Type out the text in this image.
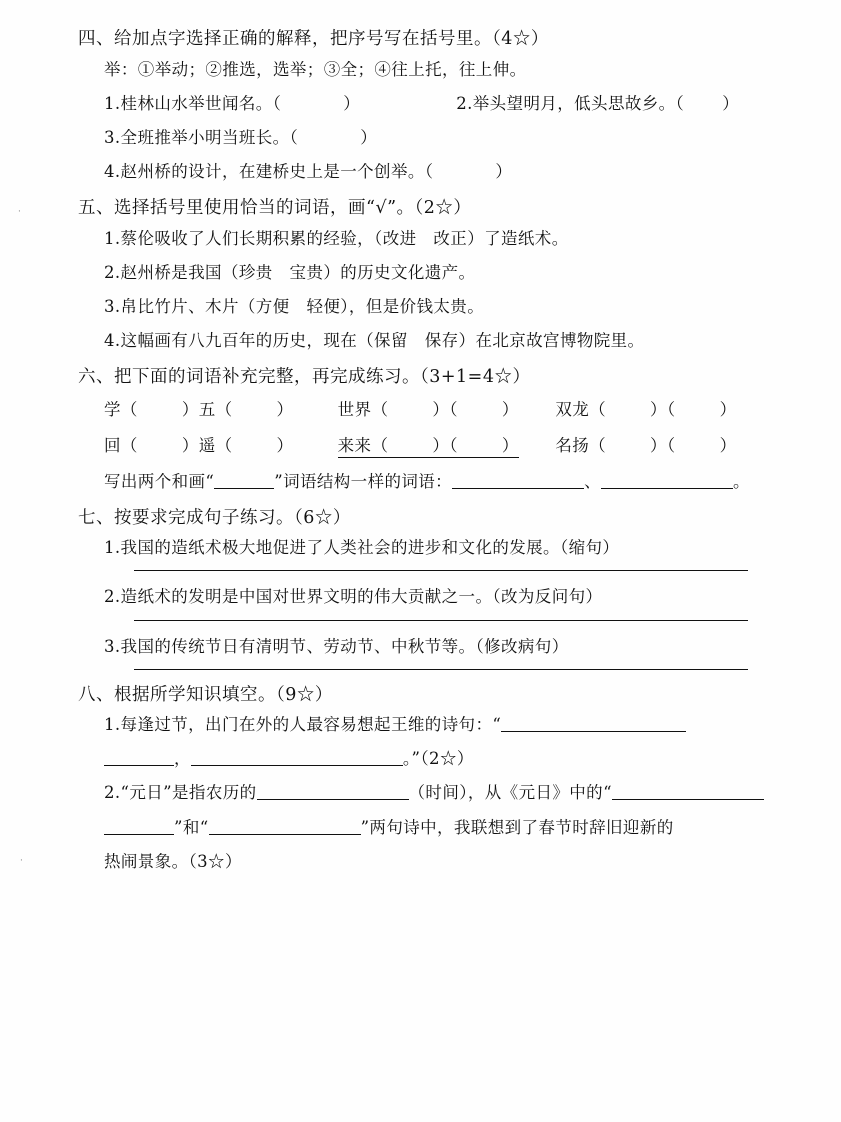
·
·

四、给加点字选择正确的解释，把序号写在括号里。（4☆）

举：①举动；②推选，选举；③全；④往上托，往上伸。

1.桂林山水举世闻名。（	）	2.举头望明月，低头思故乡。（ ）

3.全班推举小明当班长。（	）

4.赵州桥的设计，在建桥史上是一个创举。（	）

五、选择括号里使用恰当的词语，画“√”。（2☆）

1.蔡伦吸收了人们长期积累的经验，（改进　改正）了造纸术。

2.赵州桥是我国（珍贵　宝贵）的历史文化遗产。

3.帛比竹片、木片（方便　轻便），但是价钱太贵。

4.这幅画有八九百年的历史，现在（保留　保存）在北京故宫博物院里。

六、把下面的词语补充完整，再完成练习。（3+1=4☆）

学（	）五（	）	世界（	）（	） 双龙（	）（	）
回（	）遥（	）	来来（	）（	） 名扬（	）（	）

写出两个和画“	”词语结构一样的词语：	、	。

七、按要求完成句子练习。（6☆）

1.我国的造纸术极大地促进了人类社会的进步和文化的发展。（缩句）

2.造纸术的发明是中国对世界文明的伟大贡献之一。（改为反问句）

3.我国的传统节日有清明节、劳动节、中秋节等。（修改病句）

八、根据所学知识填空。（9☆）

1.每逢过节，出门在外的人最容易想起王维的诗句：“

，	。”（2☆）

2.“元日”是指农历的	（时间），从《元日》中的“

”和“	”两句诗中，我联想到了春节时辞旧迎新的

热闹景象。（3☆）
